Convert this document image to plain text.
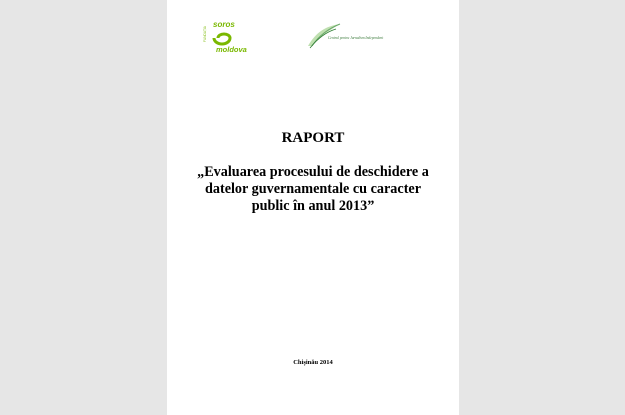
FUNDAȚIA
soros
moldova
Centrul pentru Jurnalism Independent
RAPORT
„Evaluarea procesului de deschidere a
datelor guvernamentale cu caracter
public în anul 2013”
Chişinău 2014
